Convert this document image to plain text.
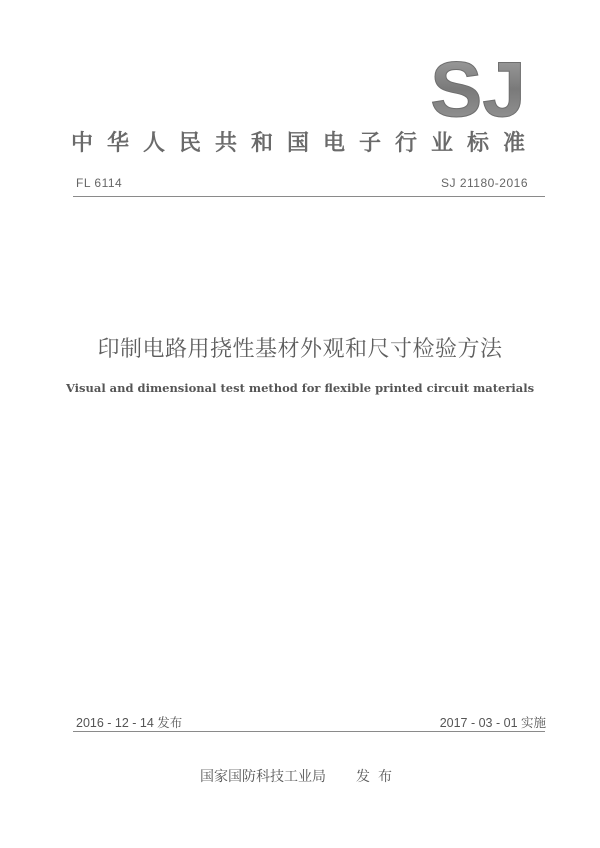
SJ
中华人民共和国电子行业标准
FL 6114	SJ 21180-2016
印制电路用挠性基材外观和尺寸检验方法
Visual and dimensional test method for flexible printed circuit materials
2016 - 12 - 14 发布	2017 - 03 - 01 实施
国家国防科技工业局 发布
